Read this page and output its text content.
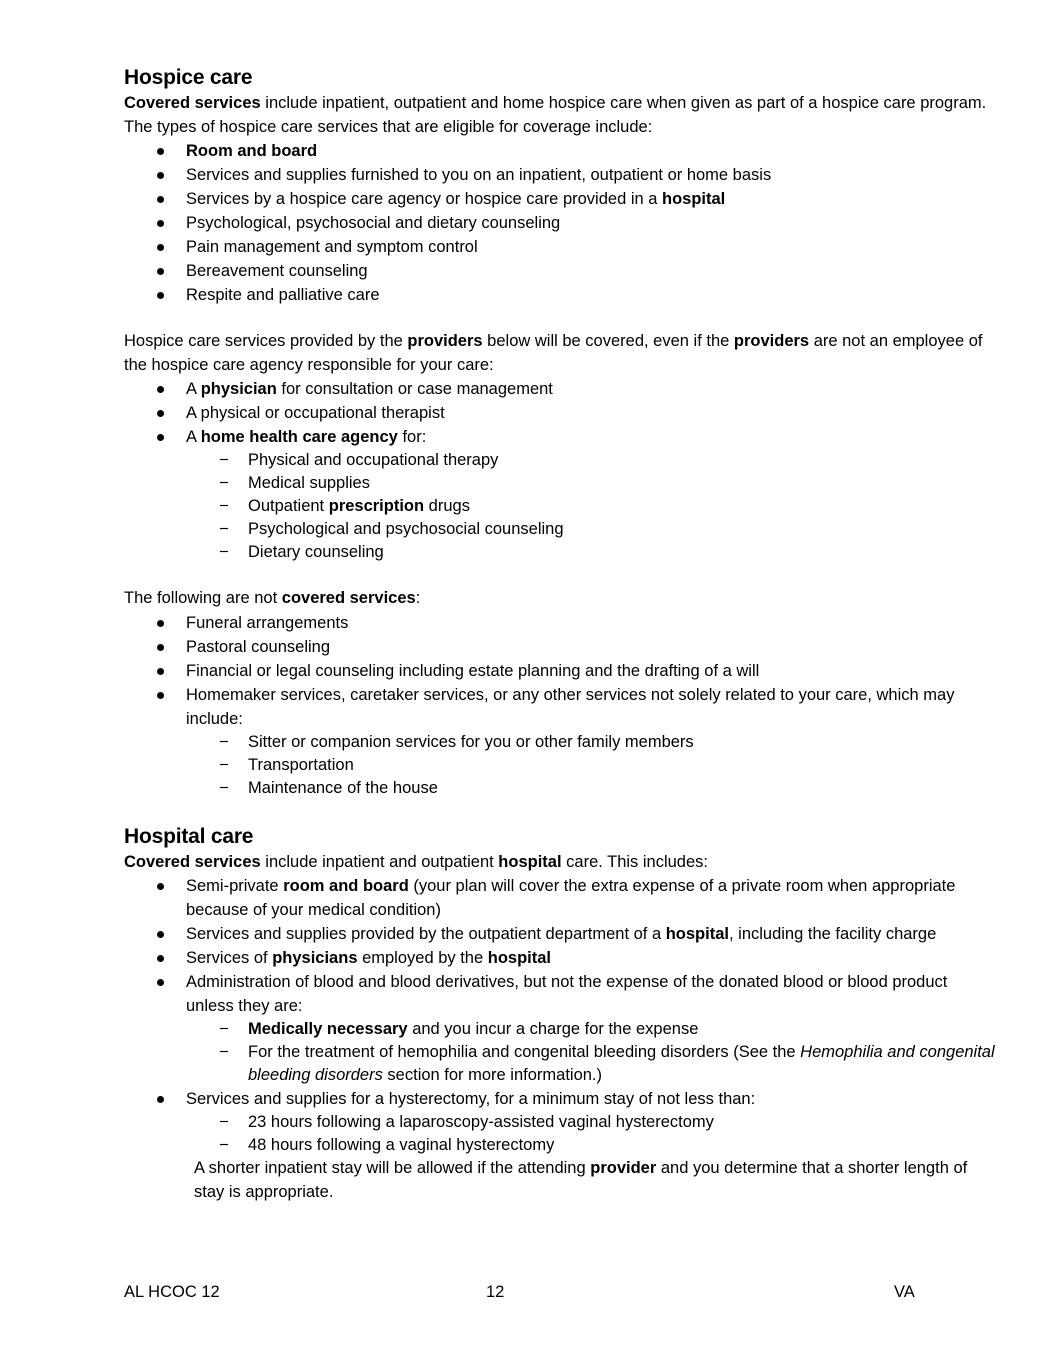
Hospice care

Covered services include inpatient, outpatient and home hospice care when given as part of a hospice care program. The types of hospice care services that are eligible for coverage include:

Room and board
Services and supplies furnished to you on an inpatient, outpatient or home basis
Services by a hospice care agency or hospice care provided in a hospital
Psychological, psychosocial and dietary counseling
Pain management and symptom control
Bereavement counseling
Respite and palliative care

Hospice care services provided by the providers below will be covered, even if the providers are not an employee of the hospice care agency responsible for your care:

A physician for consultation or case management
A physical or occupational therapist
A home health care agency for:
− Physical and occupational therapy
− Medical supplies
− Outpatient prescription drugs
− Psychological and psychosocial counseling
− Dietary counseling

The following are not covered services:

Funeral arrangements
Pastoral counseling
Financial or legal counseling including estate planning and the drafting of a will
Homemaker services, caretaker services, or any other services not solely related to your care, which may include:
− Sitter or companion services for you or other family members
− Transportation
− Maintenance of the house
Hospital care

Covered services include inpatient and outpatient hospital care. This includes:

Semi-private room and board (your plan will cover the extra expense of a private room when appropriate because of your medical condition)
Services and supplies provided by the outpatient department of a hospital, including the facility charge
Services of physicians employed by the hospital
Administration of blood and blood derivatives, but not the expense of the donated blood or blood product unless they are:
− Medically necessary and you incur a charge for the expense
− For the treatment of hemophilia and congenital bleeding disorders (See the Hemophilia and congenital bleeding disorders section for more information.)
Services and supplies for a hysterectomy, for a minimum stay of not less than:
− 23 hours following a laparoscopy-assisted vaginal hysterectomy
− 48 hours following a vaginal hysterectomy

A shorter inpatient stay will be allowed if the attending provider and you determine that a shorter length of stay is appropriate.

AL HCOC 12	12	VA
